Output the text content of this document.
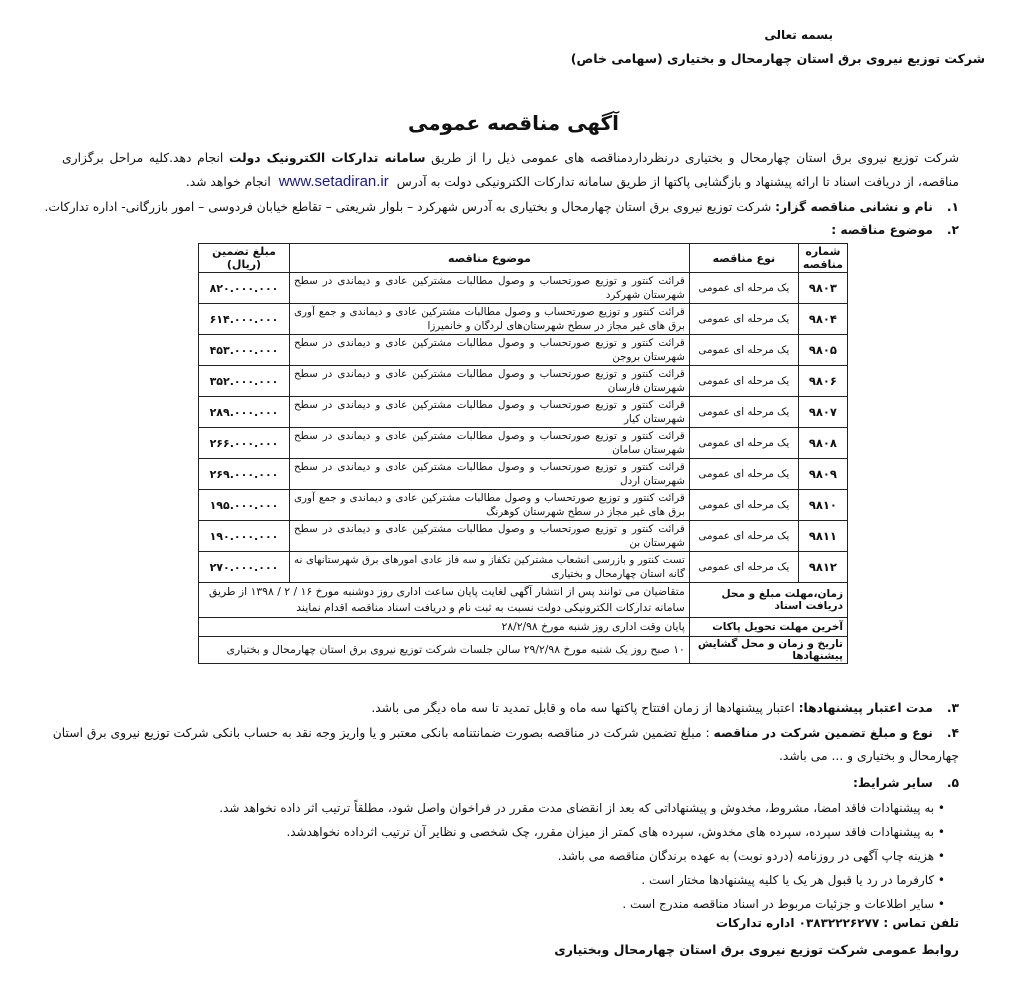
بسمه تعالی
شرکت توزیع نیروی برق استان چهارمحال و بختیاری (سهامی خاص)
آگهی مناقصه عمومی
شرکت توزیع نیروی برق استان چهارمحال و بختیاری درنظرداردمناقصه های عمومی ذیل را از طریق سامانه تدارکات الکترونیک دولت انجام دهد.کلیه مراحل برگزاری مناقصه، از دریافت اسناد تا ارائه پیشنهاد و بازگشایی پاکتها از طریق سامانه تدارکات الکترونیکی دولت به آدرس www.setadiran.ir انجام خواهد شد.
۱. نام و نشانی مناقصه گزار: شرکت توزیع نیروی برق استان چهارمحال و بختیاری به آدرس شهرکرد – بلوار شریعتی – تقاطع خیابان فردوسی – امور بازرگانی- اداره تدارکات.
۲. موضوع مناقصه :
شماره مناقصه	نوع مناقصه	موضوع مناقصه	مبلغ تضمین (ریال)
۹۸۰۳	یک مرحله ای عمومی	قرائت کنتور و توزیع صورتحساب و وصول مطالبات مشترکین عادی و دیماندی در سطح شهرستان شهرکرد	۸۲۰.۰۰۰.۰۰۰
۹۸۰۴	یک مرحله ای عمومی	قرائت کنتور و توزیع صورتحساب و وصول مطالبات مشترکین عادی و دیماندی و جمع آوری برق های غیر مجاز در سطح شهرستان‌های لردگان و خانمیرزا	۶۱۴.۰۰۰.۰۰۰
۹۸۰۵	یک مرحله ای عمومی	قرائت کنتور و توزیع صورتحساب و وصول مطالبات مشترکین عادی و دیماندی در سطح شهرستان بروجن	۴۵۳.۰۰۰.۰۰۰
۹۸۰۶	یک مرحله ای عمومی	قرائت کنتور و توزیع صورتحساب و وصول مطالبات مشترکین عادی و دیماندی در سطح شهرستان فارسان	۳۵۲.۰۰۰.۰۰۰
۹۸۰۷	یک مرحله ای عمومی	قرائت کنتور و توزیع صورتحساب و وصول مطالبات مشترکین عادی و دیماندی در سطح شهرستان کیار	۲۸۹.۰۰۰.۰۰۰
۹۸۰۸	یک مرحله ای عمومی	قرائت کنتور و توزیع صورتحساب و وصول مطالبات مشترکین عادی و دیماندی در سطح شهرستان سامان	۲۶۶.۰۰۰.۰۰۰
۹۸۰۹	یک مرحله ای عمومی	قرائت کنتور و توزیع صورتحساب و وصول مطالبات مشترکین عادی و دیماندی در سطح شهرستان اردل	۲۶۹.۰۰۰.۰۰۰
۹۸۱۰	یک مرحله ای عمومی	قرائت کنتور و توزیع صورتحساب و وصول مطالبات مشترکین عادی و دیماندی و جمع آوری برق های غیر مجاز در سطح شهرستان کوهرنگ	۱۹۵.۰۰۰.۰۰۰
۹۸۱۱	یک مرحله ای عمومی	قرائت کنتور و توزیع صورتحساب و وصول مطالبات مشترکین عادی و دیماندی در سطح شهرستان بن	۱۹۰.۰۰۰.۰۰۰
۹۸۱۲	یک مرحله ای عمومی	تست کنتور و بازرسی انشعاب مشترکین تکفاز و سه فاز عادی امورهای برق شهرستانهای نه گانه استان چهارمحال و بختیاری	۲۷۰.۰۰۰.۰۰۰
زمان،مهلت مبلغ و محل دریافت اسناد		متقاضیان می توانند پس از انتشار آگهی لغایت پایان ساعت اداری روز دوشنبه مورخ ۱۶ / ۲ / ۱۳۹۸ از طریق سامانه تدارکات الکترونیکی دولت نسبت به ثبت نام و دریافت اسناد مناقصه اقدام نمایند	
آخرین مهلت تحویل پاکات		پایان وقت اداری روز شنبه مورخ ۲۸/۲/۹۸	
تاریخ و زمان و محل گشایش پیشنهادها		۱۰ صبح روز یک شنبه مورخ ۲۹/۲/۹۸ سالن جلسات شرکت توزیع نیروی برق استان چهارمحال و بختیاری	
۳. مدت اعتبار پیشنهادها: اعتبار پیشنهادها از زمان افتتاح پاکتها سه ماه و قابل تمدید تا سه ماه دیگر می باشد.
۴. نوع و مبلغ تضمین شرکت در مناقصه : مبلغ تضمین شرکت در مناقصه بصورت ضمانتنامه بانکی معتبر و یا واریز وجه نقد به حساب بانکی شرکت توزیع نیروی برق استان چهارمحال و بختیاری و ... می باشد.
۵. سایر شرایط:
• به پیشنهادات فاقد امضا، مشروط، مخدوش و پیشنهاداتی که بعد از انقضای مدت مقرر در فراخوان واصل شود، مطلقاً ترتیب اثر داده نخواهد شد.
• به پیشنهادات فاقد سپرده، سپرده های مخدوش، سپرده های کمتر از میزان مقرر، چک شخصی و نظایر آن ترتیب اثرداده نخواهدشد.
• هزینه چاپ آگهی در روزنامه (دردو نوبت) به عهده برندگان مناقصه می باشد.
• کارفرما در رد یا قبول هر یک یا کلیه پیشنهادها مختار است .
• سایر اطلاعات و جزئیات مربوط در اسناد مناقصه مندرج است .
تلفن تماس : ۰۳۸۳۲۲۲۶۲۷۷ اداره تدارکات
روابط عمومی شرکت توزیع نیروی برق استان چهارمحال وبختیاری
